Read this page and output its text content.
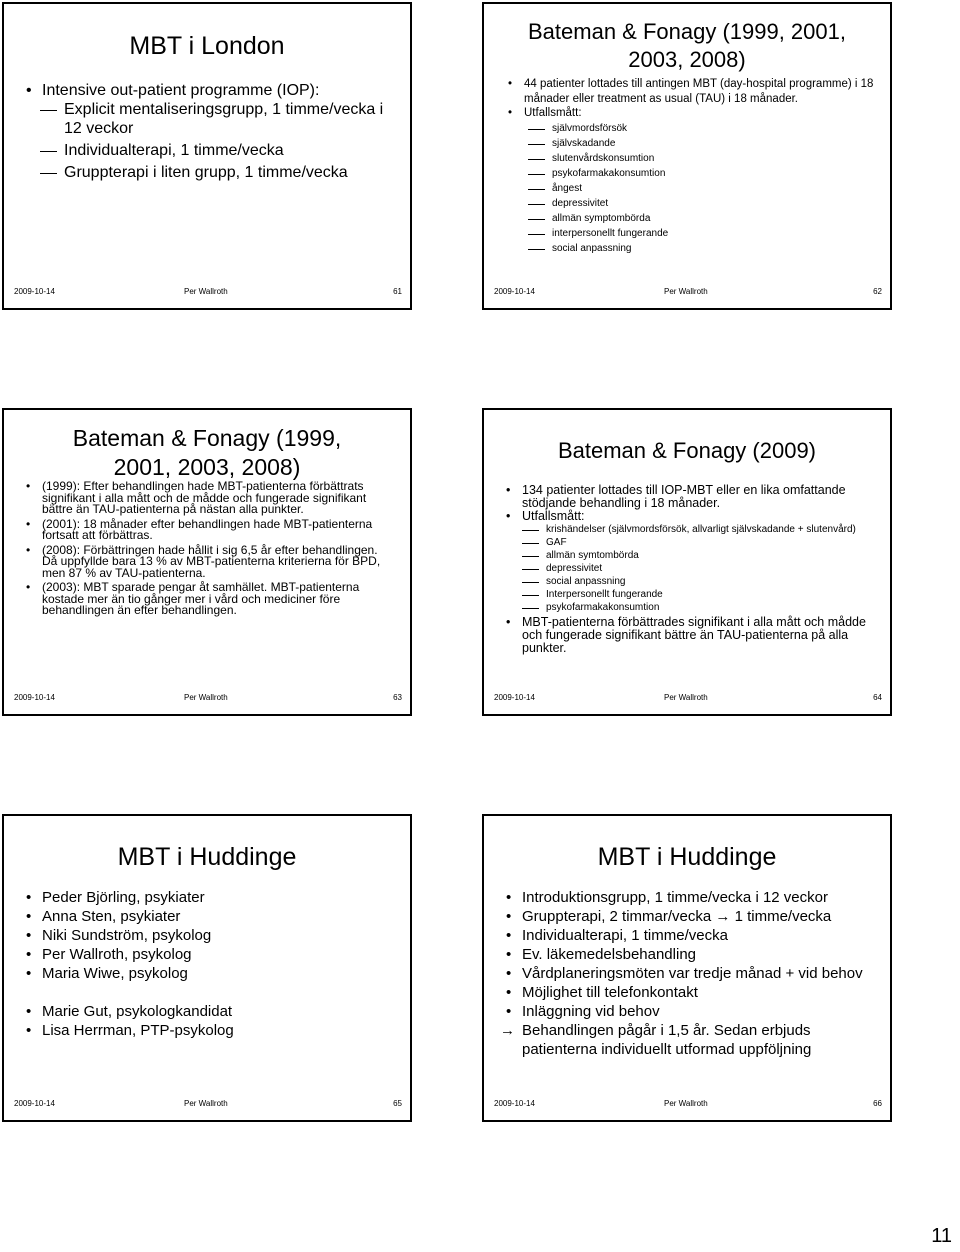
MBT i London
• Intensive out-patient programme (IOP):
Explicit mentaliseringsgrupp, 1 timme/vecka i 12 veckor
Individualterapi, 1 timme/vecka
Gruppterapi i liten grupp, 1 timme/vecka
2009-10-14	Per Wallroth	61
Bateman & Fonagy (1999, 2001, 2003, 2008)
• 44 patienter lottades till antingen MBT (day-hospital programme) i 18 månader eller treatment as usual (TAU) i 18 månader.
• Utfallsmått:
självmordsförsök
självskadande
slutenvårdskonsumtion
psykofarmakakonsumtion
ångest
depressivitet
allmän symptombörda
interpersonellt fungerande
social anpassning
2009-10-14	Per Wallroth	62
Bateman & Fonagy (1999, 2001, 2003, 2008)
• (1999): Efter behandlingen hade MBT-patienterna förbättrats signifikant i alla mått och de mådde och fungerade signifikant bättre än TAU-patienterna på nästan alla punkter.
• (2001): 18 månader efter behandlingen hade MBT-patienterna fortsatt att förbättras.
• (2008): Förbättringen hade hållit i sig 6,5 år efter behandlingen. Då uppfyllde bara 13 % av MBT-patienterna kriterierna för BPD, men 87 % av TAU-patienterna.
• (2003): MBT sparade pengar åt samhället. MBT-patienterna kostade mer än tio gånger mer i vård och mediciner före behandlingen än efter behandlingen.
2009-10-14	Per Wallroth	63
Bateman & Fonagy (2009)
• 134 patienter lottades till IOP-MBT eller en lika omfattande stödjande behandling i 18 månader.
• Utfallsmått:
krishändelser (självmordsförsök, allvarligt självskadande + slutenvård)
GAF
allmän symtombörda
depressivitet
social anpassning
Interpersonellt fungerande
psykofarmakakonsumtion
• MBT-patienterna förbättrades signifikant i alla mått och mådde och fungerade signifikant bättre än TAU-patienterna på alla punkter.
2009-10-14	Per Wallroth	64
MBT i Huddinge
• Peder Björling, psykiater
• Anna Sten, psykiater
• Niki Sundström, psykolog
• Per Wallroth, psykolog
• Maria Wiwe, psykolog
• Marie Gut, psykologkandidat
• Lisa Herrman, PTP-psykolog
2009-10-14	Per Wallroth	65
MBT i Huddinge
• Introduktionsgrupp, 1 timme/vecka i 12 veckor
• Gruppterapi, 2 timmar/vecka → 1 timme/vecka
• Individualterapi, 1 timme/vecka
• Ev. läkemedelsbehandling
• Vårdplaneringsmöten var tredje månad + vid behov
• Möjlighet till telefonkontakt
• Inläggning vid behov
→ Behandlingen pågår i 1,5 år. Sedan erbjuds patienterna individuellt utformad uppföljning
2009-10-14	Per Wallroth	66
11
